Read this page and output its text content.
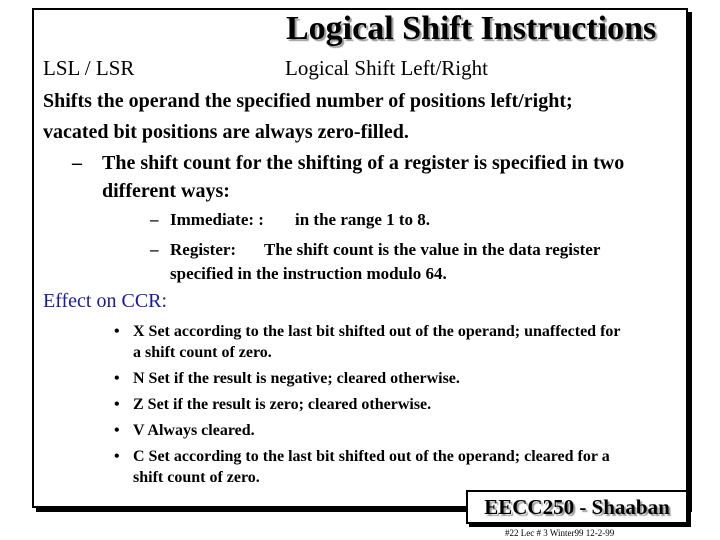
Logical Shift Instructions
LSL / LSR	Logical Shift Left/Right
Shifts the operand the specified number of positions left/right;
vacated bit positions are always zero-filled.
– The shift count for the shifting of a register is specified in two
different ways:
– Immediate: : in the range 1 to 8.
– Register: The shift count is the value in the data register
specified in the instruction modulo 64.
Effect on CCR:
• X Set according to the last bit shifted out of the operand; unaffected for
a shift count of zero.
• N Set if the result is negative; cleared otherwise.
• Z Set if the result is zero; cleared otherwise.
• V Always cleared.
• C Set according to the last bit shifted out of the operand; cleared for a
shift count of zero.
EECC250 - Shaaban
#22 Lec # 3 Winter99 12-2-99
